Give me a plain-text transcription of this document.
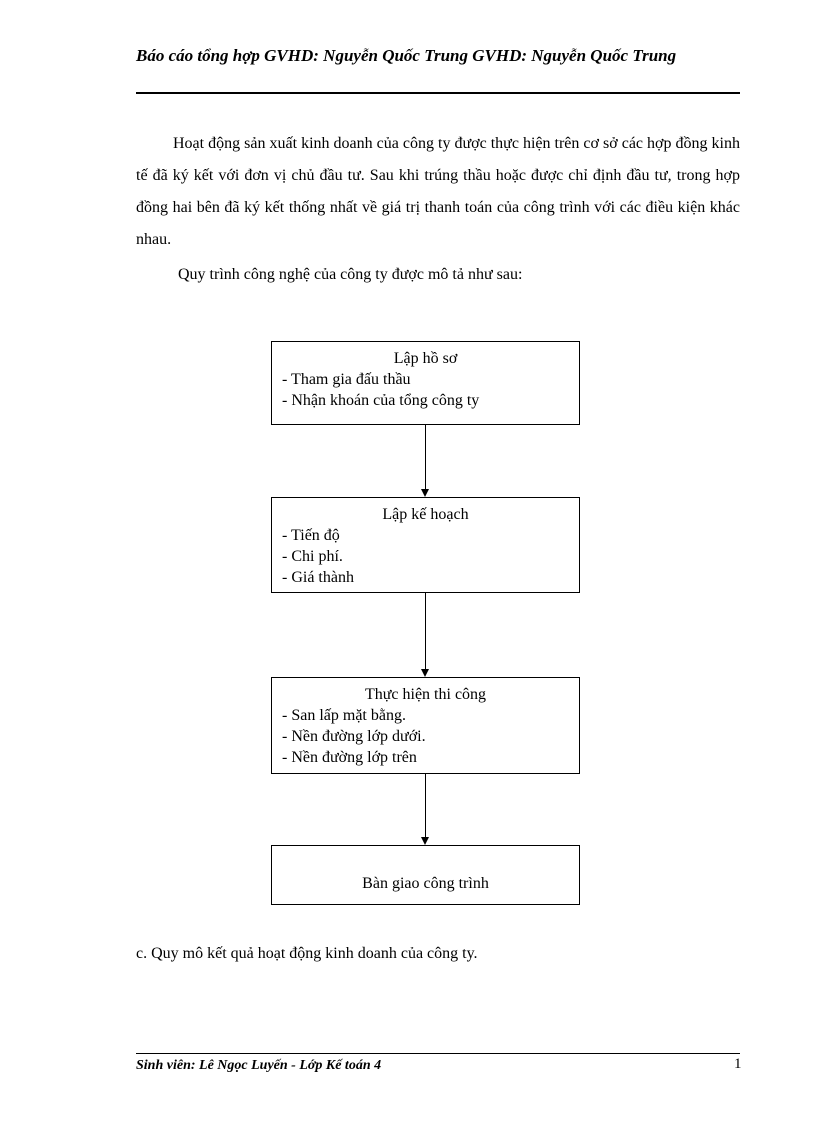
Báo cáo tổng hợp GVHD: Nguyễn Quốc Trung GVHD: Nguyễn Quốc Trung
Hoạt động sản xuất kinh doanh của công ty được thực hiện trên cơ sở các hợp đồng kinh tế đã ký kết với đơn vị chủ đầu tư. Sau khi trúng thầu hoặc được chỉ định đầu tư, trong hợp đồng hai bên đã ký kết thống nhất về giá trị thanh toán của công trình với các điều kiện khác nhau.
Quy trình công nghệ của công ty được mô tả như sau:
Lập hồ sơ
- Tham gia đấu thầu
- Nhận khoán của tổng công ty
Lập kế hoạch
- Tiến độ
- Chi phí.
- Giá thành
Thực hiện thi công
- San lấp mặt bằng.
- Nền đường lớp dưới.
- Nền đường lớp trên
Bàn giao công trình
c. Quy mô kết quả hoạt động kinh doanh của công ty.
Sinh viên: Lê Ngọc Luyến - Lớp Kế toán 4	1
